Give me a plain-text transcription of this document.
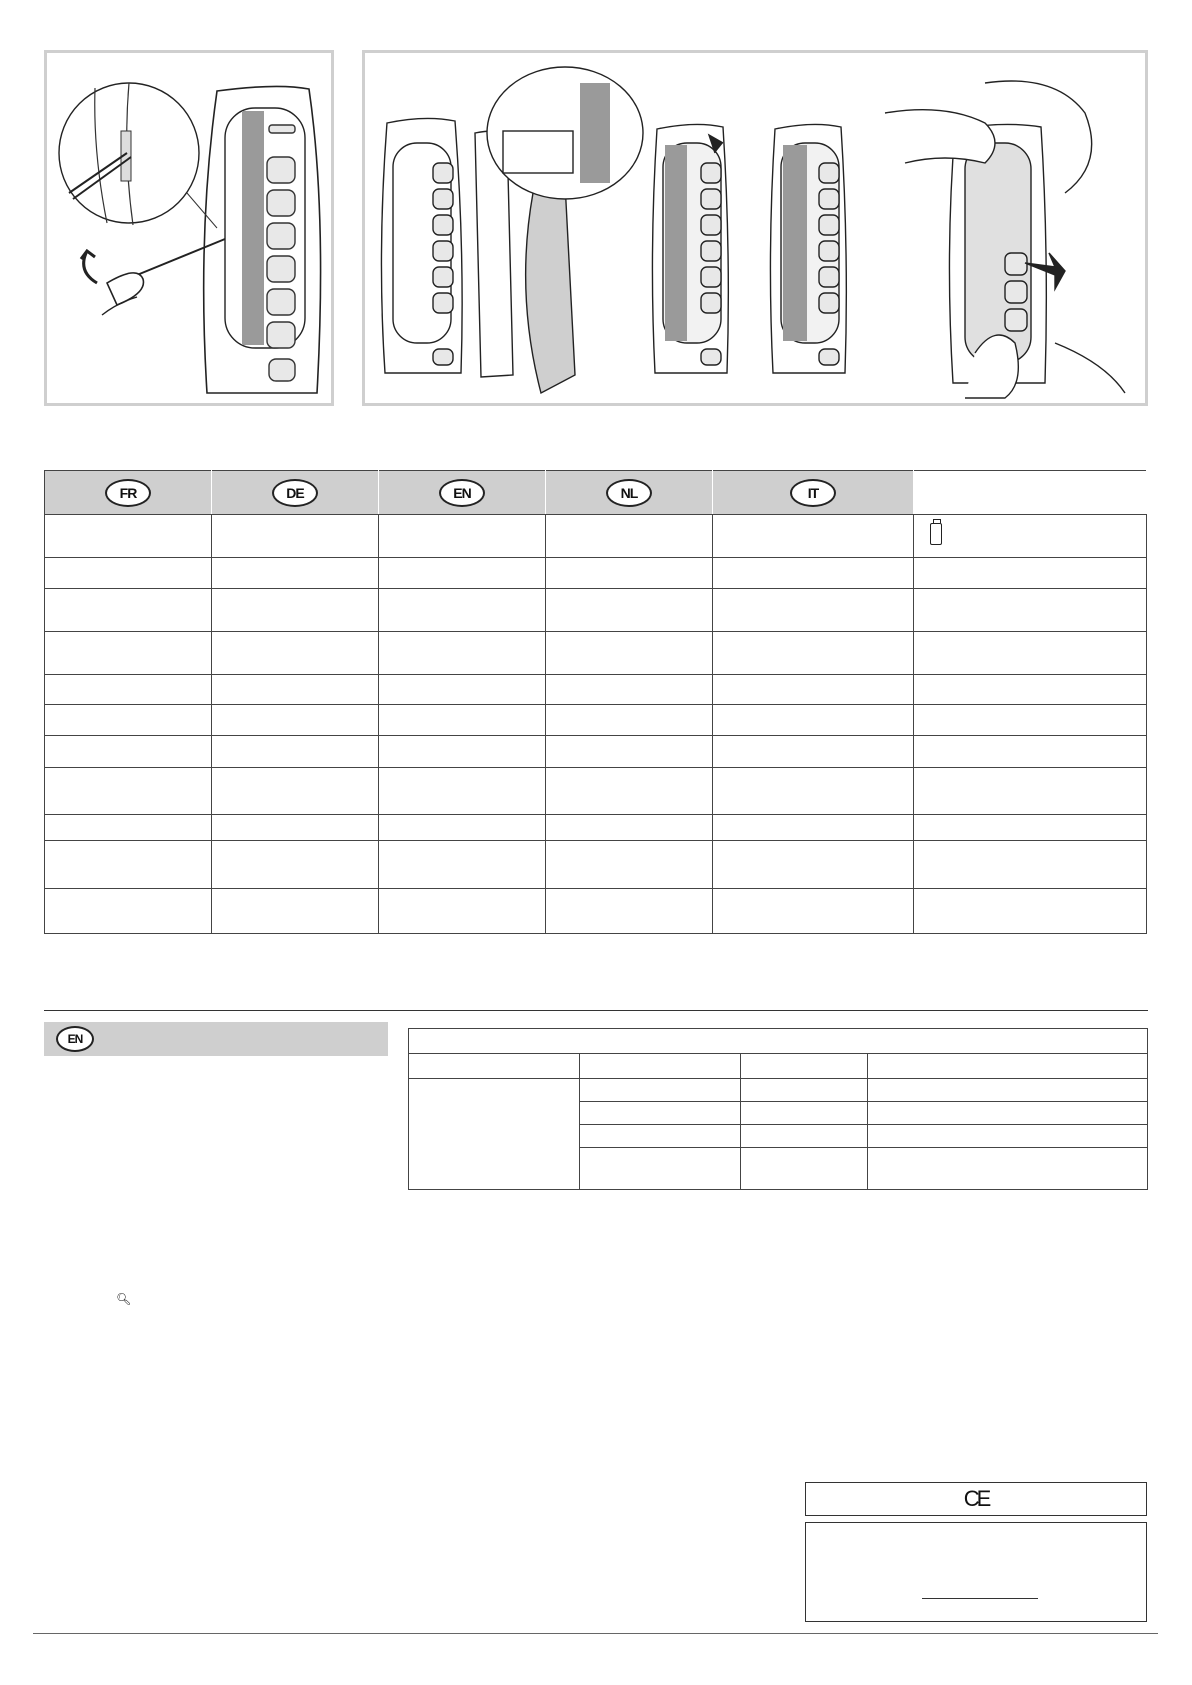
FR	DE	EN	NL	IT	

EN

🔍︎
CE
